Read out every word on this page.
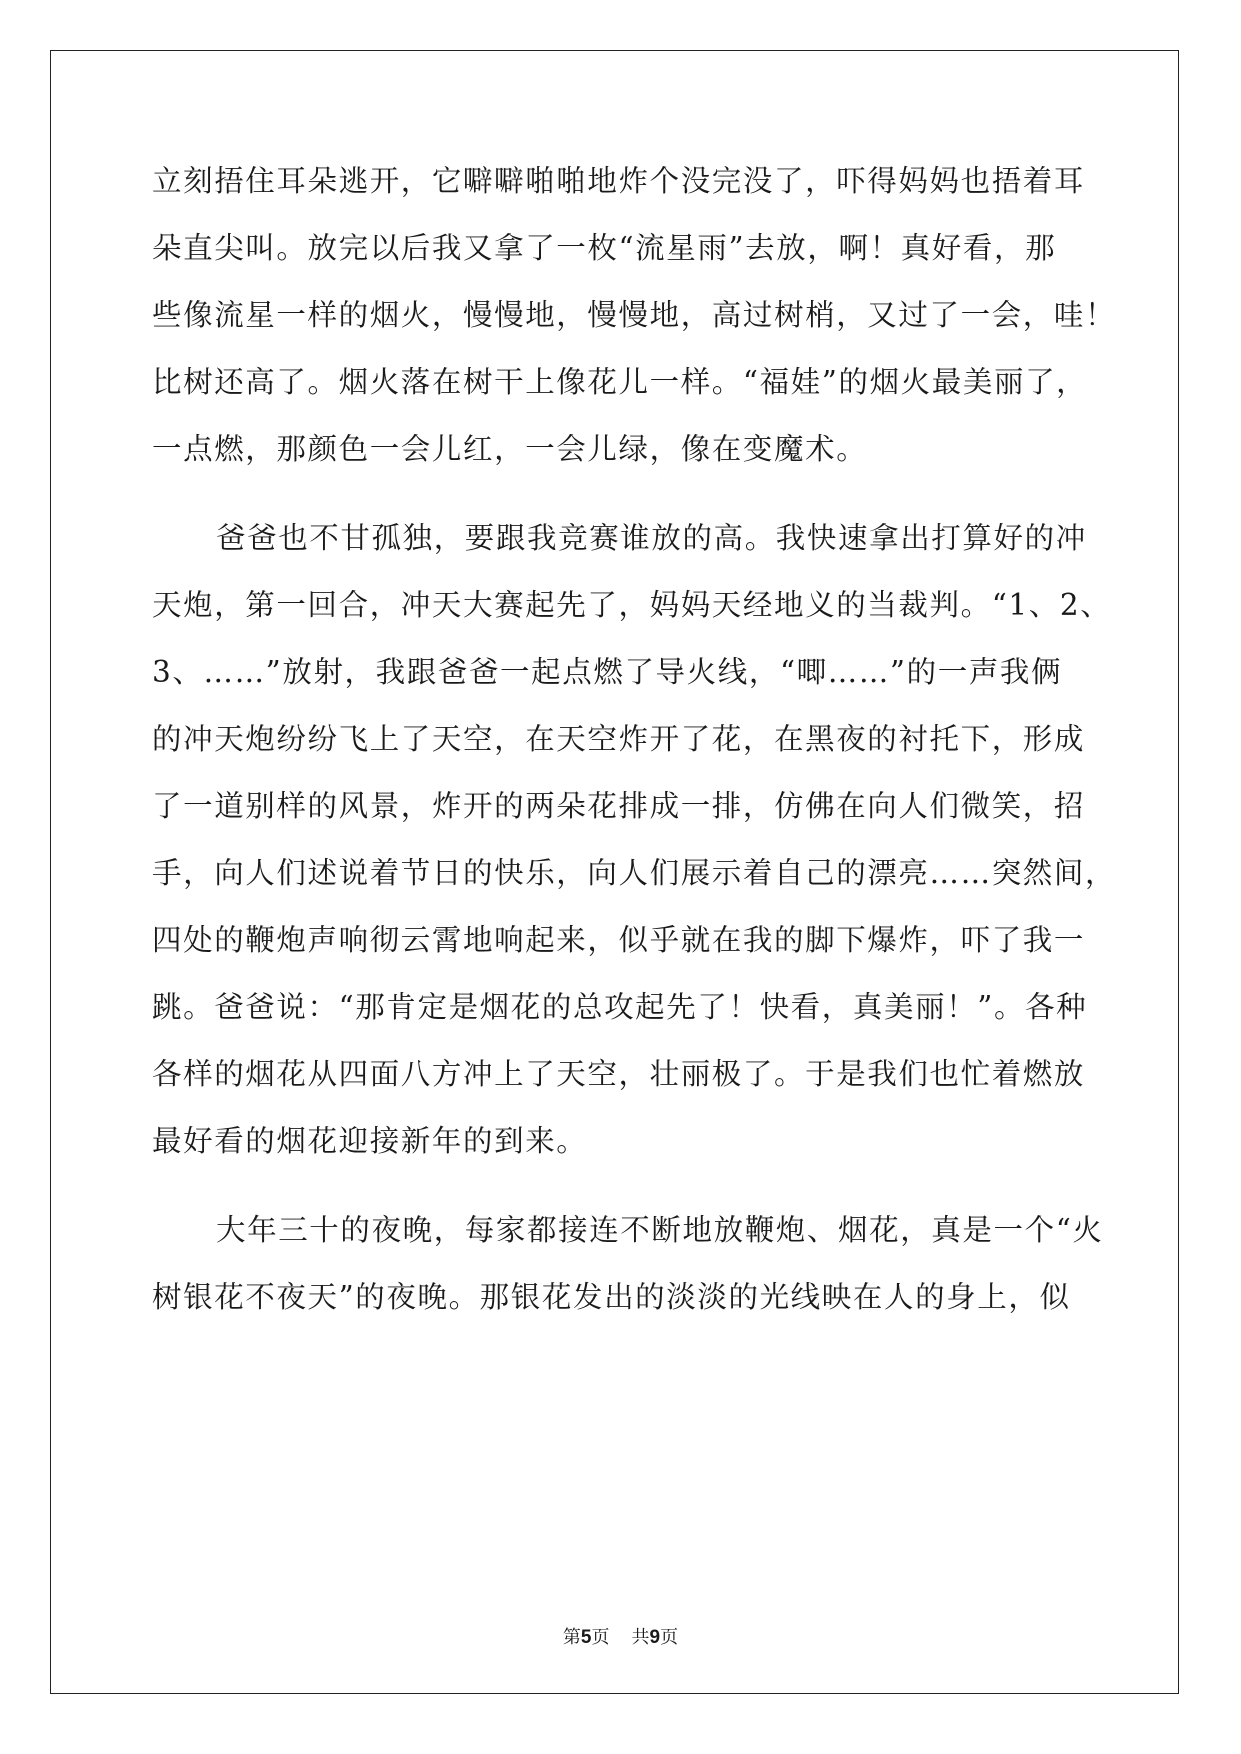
立刻捂住耳朵逃开，它噼噼啪啪地炸个没完没了，吓得妈妈也捂着耳
朵直尖叫。放完以后我又拿了一枚“流星雨”去放，啊！真好看，那
些像流星一样的烟火，慢慢地，慢慢地，高过树梢，又过了一会，哇！
比树还高了。烟火落在树干上像花儿一样。“福娃”的烟火最美丽了，
一点燃，那颜色一会儿红，一会儿绿，像在变魔术。
爸爸也不甘孤独，要跟我竞赛谁放的高。我快速拿出打算好的冲
天炮，第一回合，冲天大赛起先了，妈妈天经地义的当裁判。“1、2、
3、……”放射，我跟爸爸一起点燃了导火线，“唧……”的一声我俩
的冲天炮纷纷飞上了天空，在天空炸开了花，在黑夜的衬托下，形成
了一道别样的风景，炸开的两朵花排成一排，仿佛在向人们微笑，招
手，向人们述说着节日的快乐，向人们展示着自己的漂亮……突然间，
四处的鞭炮声响彻云霄地响起来，似乎就在我的脚下爆炸，吓了我一
跳。爸爸说：“那肯定是烟花的总攻起先了！快看，真美丽！”。各种
各样的烟花从四面八方冲上了天空，壮丽极了。于是我们也忙着燃放
最好看的烟花迎接新年的到来。
大年三十的夜晚，每家都接连不断地放鞭炮、烟花，真是一个“火
树银花不夜天”的夜晚。那银花发出的淡淡的光线映在人的身上，似
第5页 共9页
